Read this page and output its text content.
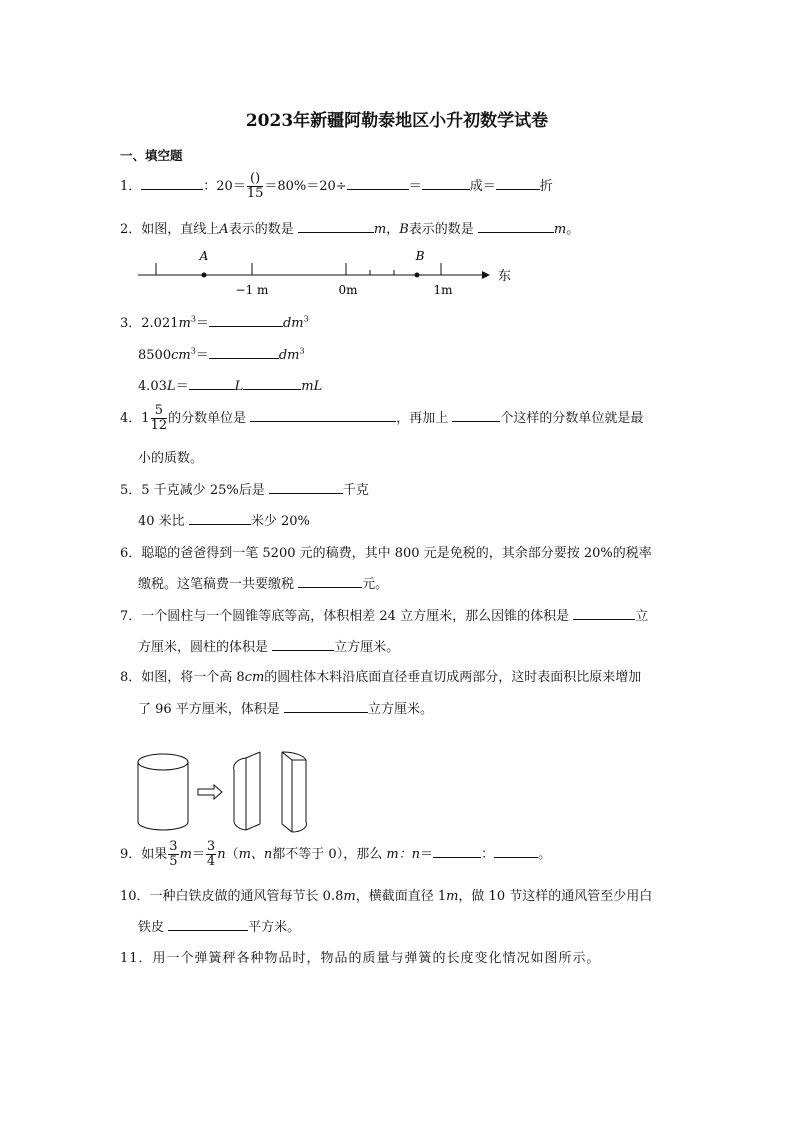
2023年新疆阿勒泰地区小升初数学试卷
一、填空题
1．	：$20= \frac{()}{15} =80\%=20\div$	＝	成＝	折
2．如图，直线上A表示的数是	m，B表示的数是	m。
A	B
−1 m	0m	1m
东
3．$2.021m^3=$	$dm^3$
$8500cm^3=$	$dm^3$
4.03L＝	L	mL
4．$1 \frac{5}{12}$ 的分数单位是	，再加上	个这样的分数单位就是最
小的质数。
5．5 千克减少 25%后是	千克
40 米比	米少 20%
6．聪聪的爸爸得到一笔 5200 元的稿费，其中 800 元是免税的，其余部分要按 20%的税率
缴税。这笔稿费一共要缴税	元。
7．一个圆柱与一个圆锥等底等高，体积相差 24 立方厘米，那么因锥的体积是	立
方厘米，圆柱的体积是	立方厘米。
8．如图，将一个高 8cm的圆柱体木料沿底面直径垂直切成两部分，这时表面积比原来增加
了 96 平方厘米，体积是	立方厘米。
9．如果 $\frac{3}{5} m= \frac{3}{4} n(m$、n都不等于 0），那么 m：n＝	：	。
10．一种白铁皮做的通风管每节长 0.8m，横截面直径 1m，做 10 节这样的通风管至少用白
铁皮	平方米。
11．用一个弹簧秤各种物品时，物品的质量与弹簧的长度变化情况如图所示。
